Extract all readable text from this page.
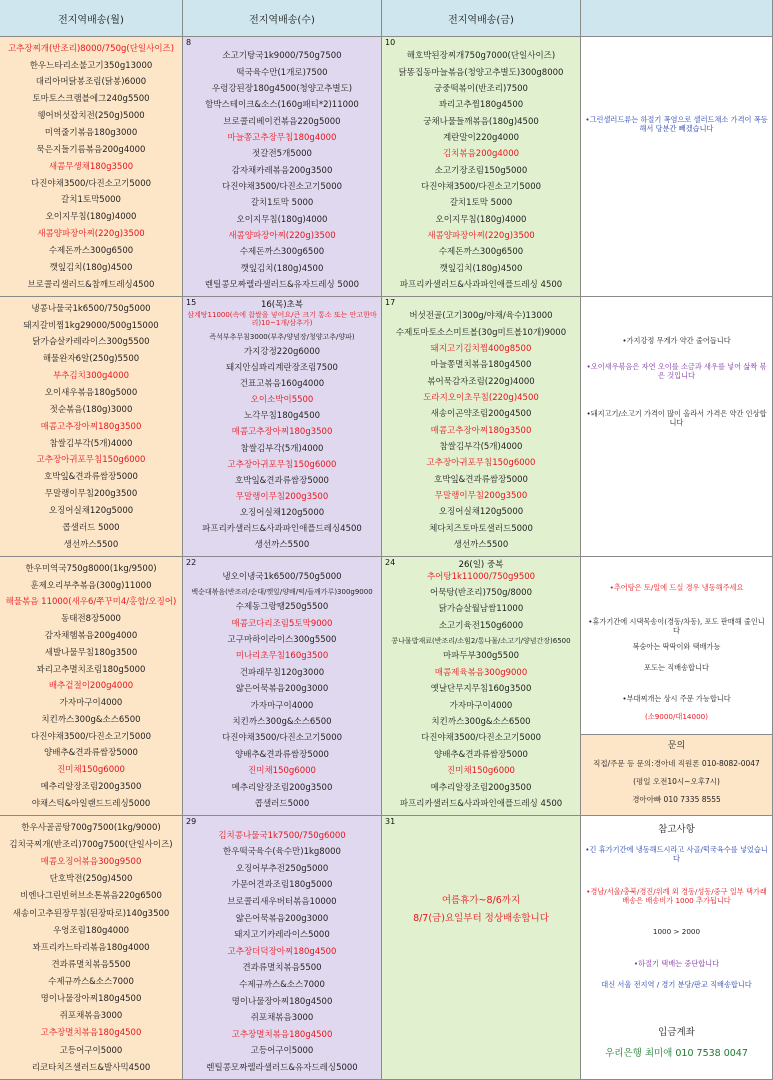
전지역배송(월)	전지역배송(수)	전지역배송(금)
고추장찌개(반조리)8000/750g(단일사이즈)
한우느타리소불고기350g13000
대리아머닭봉조림(닭봉)6000
토마토스크램블에그240g5500
웽어버섯잡치전(250g)5000
미역줄기볶음180g3000
묵은지들기름볶음200g4000
새콤무생채180g3500
다진야채3500/다진소고기5000
갈치1토막5000
오이지무침(180g)4000
새콤양파장아찌(220g)3500
수제돈까스300g6500
깻잎김치(180g)4500
브로콜리샐러드&참깨드레싱4500
8
소고기탕국1k9000/750g7500
떡국육수만(1개로)7500
우렁강된장180g4500(청양고추별도)
함박스테이크&소스(160g패티*2)11000
브로콜리베이컨볶음220g5000
마늘쫑고추장무침180g4000
젓갈전5개5000
감자채카레볶음200g3500
다진야채3500/다진소고기5000
갈치1토막 5000
오이지무침(180g)4000
새콤양파장아찌(220g)3500
수제돈까스300g6500
깻잎김치(180g)4500
렌틸콩모짜렐라샐러드&유자드레싱 5000
10
해호박된장찌개750g7000(단일사이즈)
닭똥집동마늘볶음(청양고추별도)300g8000
궁중떡볶이(반조리)7500
꽈리고추찜180g4500
궁채나물들깨볶음(180g)4500
계란말이220g4000
김치볶음200g4000
소고기장조림150g5000
다진야채3500/다진소고기5000
갈치1토막 5000
오이지무침(180g)4000
새콤양파장아찌(220g)3500
수제돈까스300g6500
깻잎김치(180g)4500
파프리카샐러드&사과파인애플드레싱 4500
•그린샐러드류는 하절기 폭염으로 샐러드채소 가격이 폭등해서 당분간 빼겠습니다
냉콩나물국1k6500/750g5000
돼지갈비찜1kg29000/500g15000
닭가슴살카레라이스300g5500
해물완자6알(250g)5500
부추김치300g4000
오이새우볶음180g5000
젓순볶음(180g)3000
매콤고추장아찌180g3500
참쌀김부각(5개)4000
고추장아귀포무침150g6000
호박잎&견과류쌈장5000
무말랭이무침200g3500
오징어실채120g5000
콥샐러드 5000
생선까스5500
15	16(목)초복
삼계탕11000(속에 찹쌀을 넣어요/큰 크기 통소 또는 안고한마리)10~1개/삼추가)
즉석부추무침3000(부추/양념장/청양고추/양파)
가지강정220g6000
돼지안심꽈리계란장조림7500
건표고볶음160g4000
오이소박이5500
노각무침180g4500
매콤고추장아찌180g3500
참쌀김부각(5개)4000
고추장아귀포무침150g6000
호박잎&견과류쌈장5000
무말랭이무침200g3500
오징어실채120g5000
파프리카샐러드&사과파인애플드레싱4500
생선까스5500
17
버섯전골(고기300g/야채/육수)13000
수제토마토소스미트볼(30g미트볼10개)9000
돼지고기김치찜400g8500
마늘쫑멸치볶음180g4500
볶어묵감자조림(220g)4000
도라지오이초무침(220g)4500
새송이곤약조림200g4500
매콤고추장아찌180g3500
참쌀김부각(5개)4000
고추장아귀포무침150g6000
호박잎&견과류쌈장5000
무말랭이무침200g3500
오징어실채120g5000
체다치즈토마토샐러드5000
생선까스5500
•가지강정 무게가 약간 줄어듭니다
•오이새우볶음은 자연 오이를 소금과 새우를 넣어 삶짝 볶은 것입니다
•돼지고기/소고기 가격이 많이 올라서 가격은 약간 인상합니다
한우미역국750g8000(1kg/9500)
훈제오리부추볶음(300g)11000
해물볶음 11000(새우6/쭈꾸미4/홍합/오징어)
동태전8장5000
감자채햄볶음200g4000
세발나물무침180g3500
꽈리고추멸치조림180g5000
배추겉절이200g4000
가자마구이4000
치킨까스300g&소스6500
다진야채3500/다진소고기5000
양배추&견과류쌈장5000
진미채150g6000
메추리알장조림200g3500
야채스틱&아일랜드드레싱5000
22
냉오이냉국1k6500/750g5000
백순대볶음(반조리/순대/깻잎/양배/떡/들깨가루)300g9000
수제동그랑땡250g5500
매콤코다리조림5토막9000
고구마하이라이스300g5500
미나리초무침160g3500
건파래무침120g3000
얇은어묵볶음200g3000
가자마구이4000
치킨까스300g&소스6500
다진야채3500/다진소고기5000
양배추&견과류쌈장5000
진미채150g6000
메추리알장조림200g3500
콥샐러드5000
24	26(일) 중복
추어탕1k11000/750g9500
어묵탕(반조리)750g/8000
닭가슴살월남쌈11000
소고기육전150g6000
콩나물밥재료(반조리/소힘2/통나물/소고기/양념간장)6500
마파두부300g5500
매콤제육볶음300g9000
옛날단무지무침160g3500
가자마구이4000
치킨까스300g&소스6500
다진야채3500/다진소고기5000
양배추&견과류쌈장5000
진미채150g6000
메추리알장조림200g3500
파프리카샐러드&사과파인애플드레싱 4500
•추어탕은 토/일에 드실 경우 냉동해주세요
•휴가기간에 시댁목송이(경동/차동), 포도 판매해 줄인니다
복숭아는 딱딱이와 택배가능
포도는 직배송합니다
•부대찌개는 상시 주문 가능합니다
(소9000/대14000)
문의
직접/주문 등 문의:경아네 직원폰 010-8082-0047
(평일 오전10시~오후7시)
경아아빠 010 7335 8555
한우사골곰탕700g7500(1kg/9000)
김치국찌개(반조리)700g7500(단일사이즈)
매콤오징어볶음300g9500
단호박전(250g)4500
비엔나그린빈허브소톤볶음220g6500
새송이고추된장무침(된장따로)140g3500
우엉조림180g4000
꽈프리카느타리볶음180g4000
견과류멸치볶음5500
수제규까스&소스7000
명이나물장아찌180g4500
쥐포채볶음3000
고추장멸치볶음180g4500
고등어구이5000
리코타치즈샐러드&발사믹4500
29
김치콩나물국1k7500/750g6000
한우떡국육수(육수만)1kg8000
오징어부추전250g5000
가문어견과조림180g5000
브로콜리새우버터볶음10000
얇은어묵볶음200g3000
돼지고기카레라이스5000
고추장더덕장아찌180g4500
견과류멸치볶음5500
수제규까스&소스7000
명이나물장아찌180g4500
쥐포채볶음3000
고추장멸치볶음180g4500
고등어구이5000
렌틸콩모짜렐라샐러드&유자드레싱5000
31
여름휴가~8/6까지
8/7(금)요일부터 정상배송합니다
참고사항
•긴 휴가기간에 냉동해드시라고 사골/떡국육수를 넣었습니다
•경남/서울/충북/경진/위례 외 경동/성동/중구 일부 택가래배송은 배송비가 1000 추가됩니다
1000 > 2000
•하절기 택배는 중단합니다
대신 서울 전지역 / 경기 분당/판교 직배송합니다
입금계좌
우리은행 최미애 010 7538 0047
